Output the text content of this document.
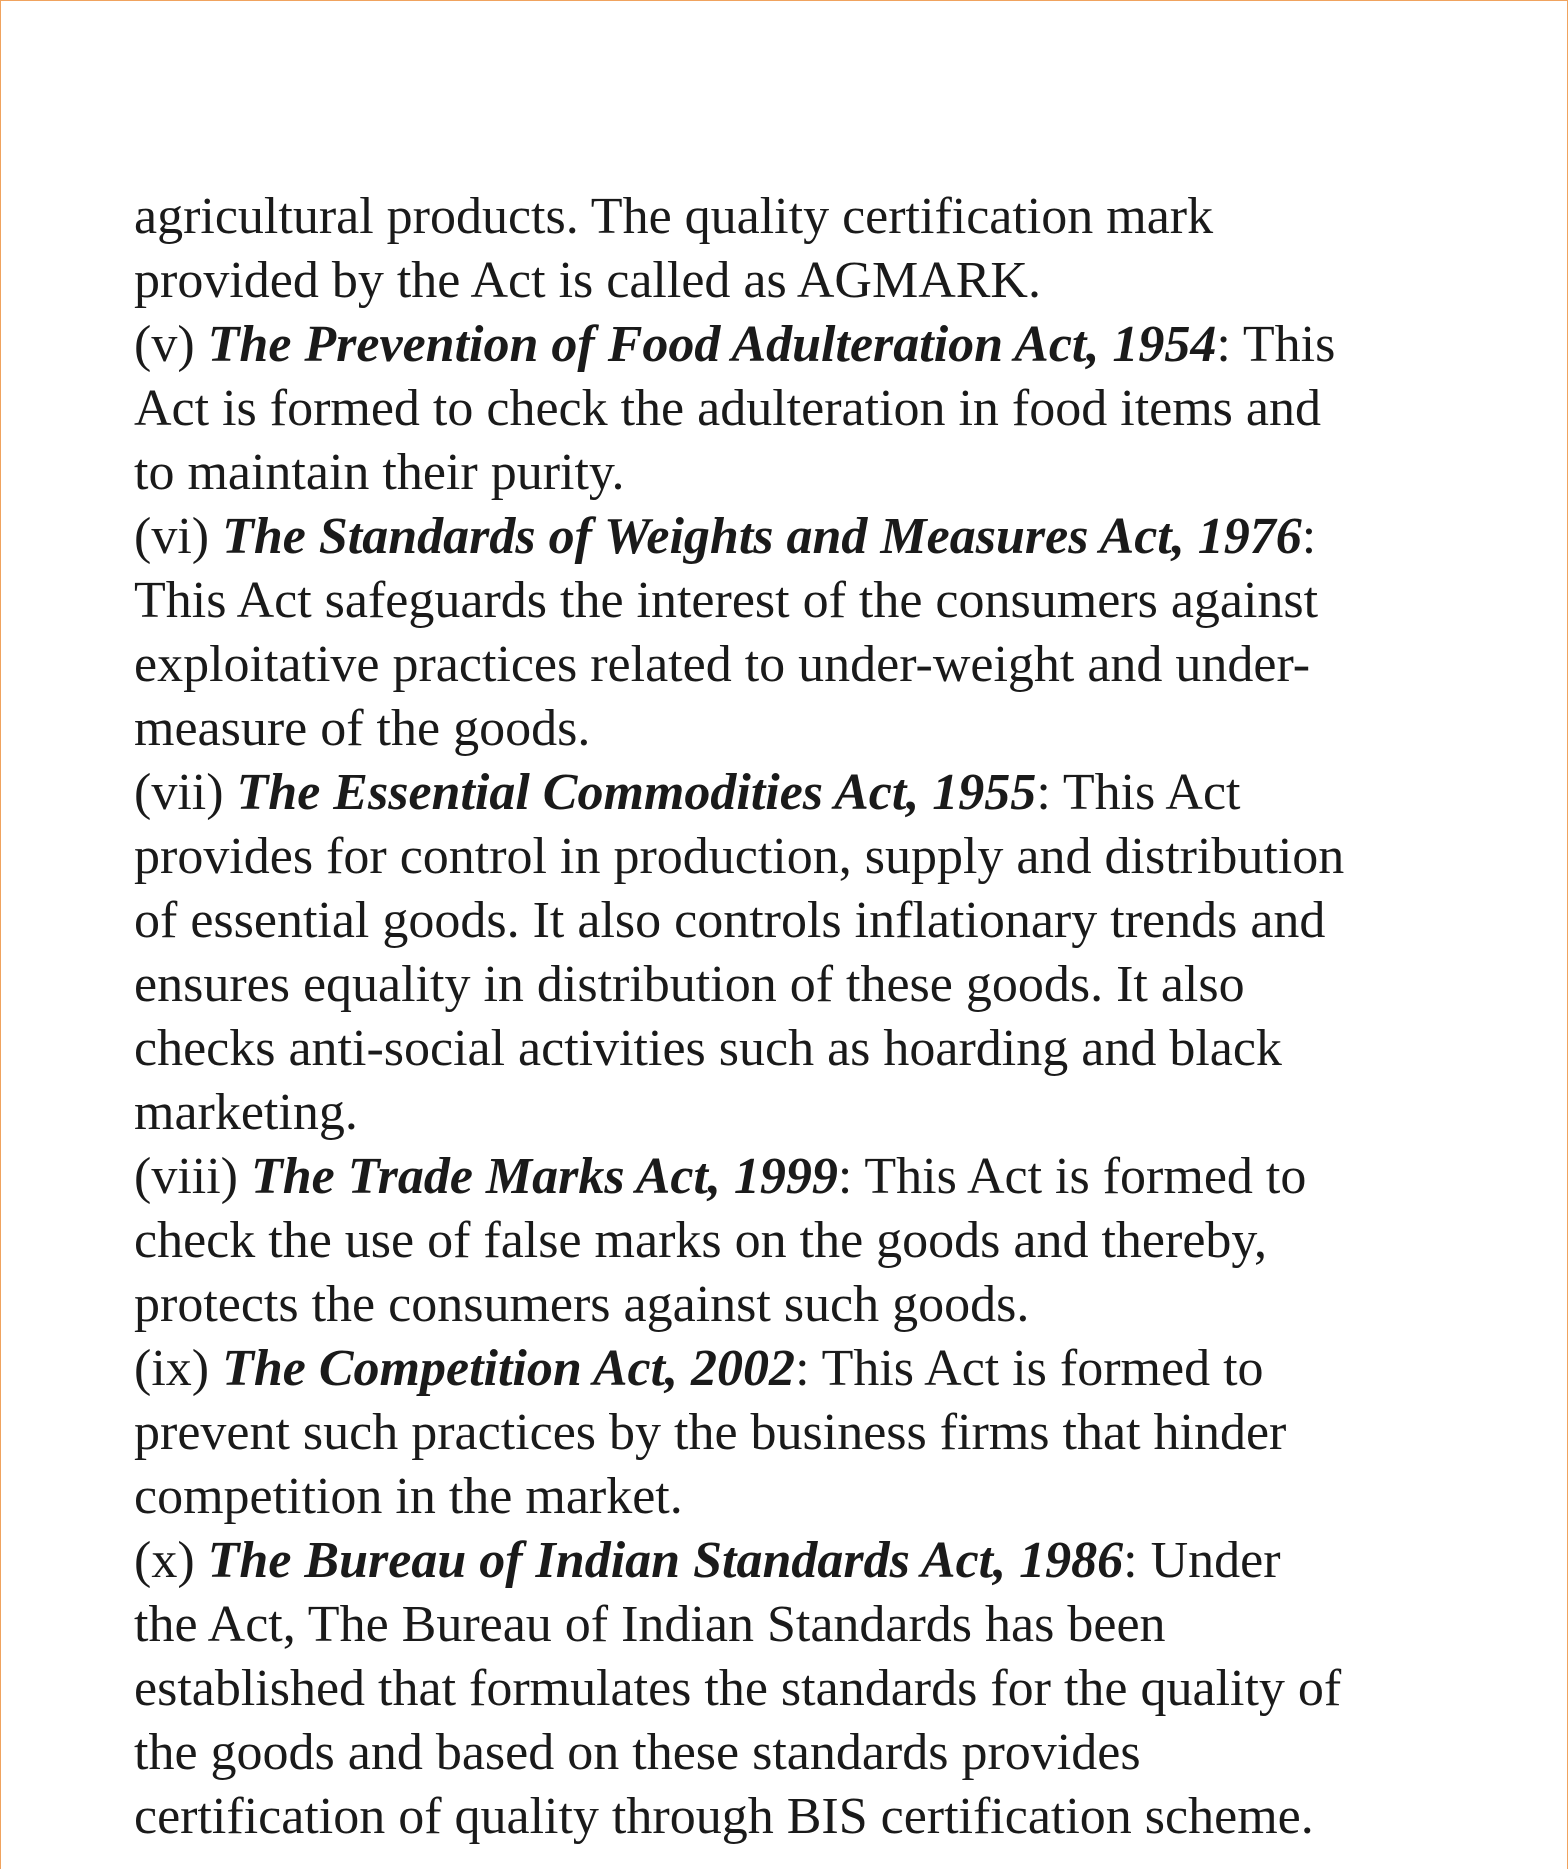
agricultural products. The quality certification mark
provided by the Act is called as AGMARK.
(v) The Prevention of Food Adulteration Act, 1954: This
Act is formed to check the adulteration in food items and
to maintain their purity.
(vi) The Standards of Weights and Measures Act, 1976:
This Act safeguards the interest of the consumers against
exploitative practices related to under-weight and under-
measure of the goods.
(vii) The Essential Commodities Act, 1955: This Act
provides for control in production, supply and distribution
of essential goods. It also controls inflationary trends and
ensures equality in distribution of these goods. It also
checks anti-social activities such as hoarding and black
marketing.
(viii) The Trade Marks Act, 1999: This Act is formed to
check the use of false marks on the goods and thereby,
protects the consumers against such goods.
(ix) The Competition Act, 2002: This Act is formed to
prevent such practices by the business firms that hinder
competition in the market.
(x) The Bureau of Indian Standards Act, 1986: Under
the Act, The Bureau of Indian Standards has been
established that formulates the standards for the quality of
the goods and based on these standards provides
certification of quality through BIS certification scheme.
